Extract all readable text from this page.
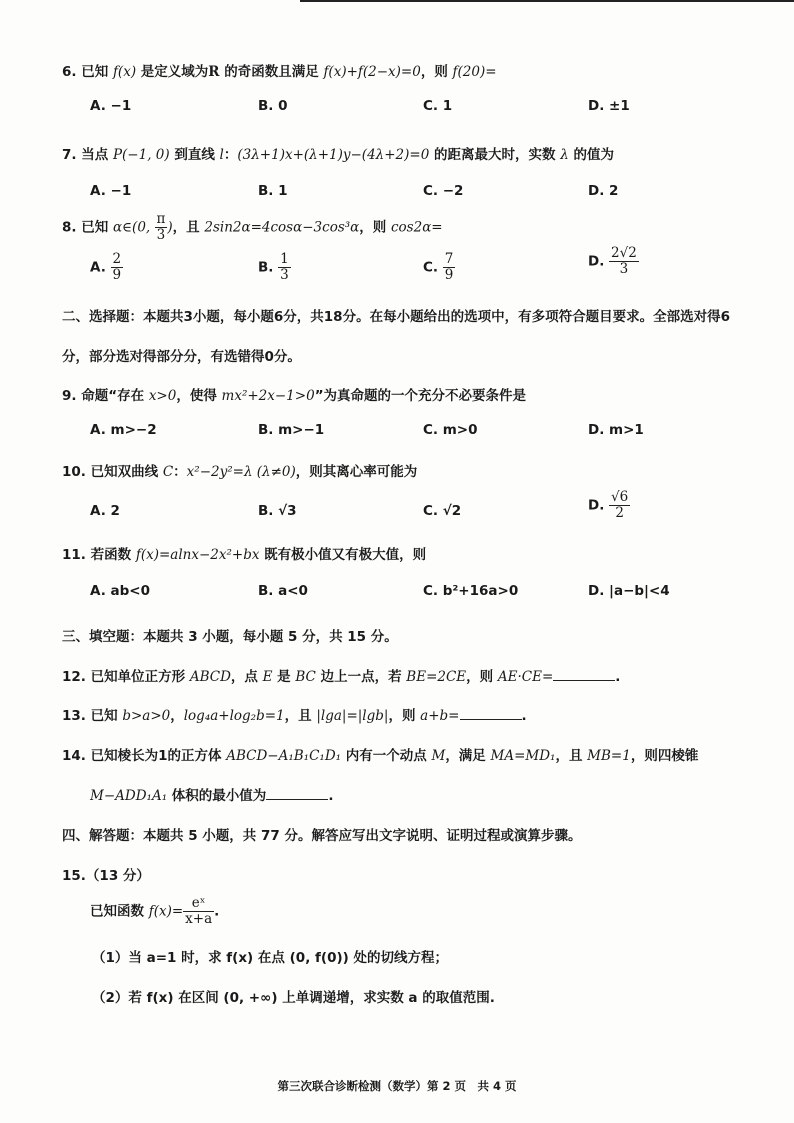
6. 已知 f(x) 是定义域为R 的奇函数且满足 f(x)+f(2−x)=0，则 f(20)=
A. −1	B. 0	C. 1	D. ±1
7. 当点 P(−1, 0) 到直线 l：(3λ+1)x+(λ+1)y−(4λ+2)=0 的距离最大时，实数 λ 的值为
A. −1	B. 1	C. −2	D. 2
8. 已知 α∈(0, $\frac{\pi}{3}$ )，且 2sin2α=4cosα−3cos³α，则 cos2α=
A. $\frac{2}{9}$	B. $\frac{1}{3}$	C. $\frac{7}{9}$	D. $\frac{2√2}{3}$
二、选择题：本题共3小题，每小题6分，共18分。在每小题给出的选项中，有多项符合题目要求。全部选对得6
分，部分选对得部分分，有选错得0分。
9. 命题“存在 x>0，使得 mx²+2x−1>0”为真命题的一个充分不必要条件是
A. m>−2	B. m>−1	C. m>0	D. m>1
10. 已知双曲线 C：x²−2y²=λ (λ≠0)，则其离心率可能为
A. 2	B. √3	C. √2	D. $\frac{√6}{2}$
11. 若函数 f(x)=alnx−2x²+bx 既有极小值又有极大值，则
A. ab<0	B. a<0	C. b²+16a>0	D. |a−b|<4
三、填空题：本题共 3 小题，每小题 5 分，共 15 分。
12. 已知单位正方形 ABCD，点 E 是 BC 边上一点，若 BE=2CE，则 AE·CE=	.
13. 已知 b>a>0，log₄a+log₂b=1，且 |lga|=|lgb|，则 a+b=	.
14. 已知棱长为1的正方体 ABCD−A₁B₁C₁D₁ 内有一个动点 M，满足 MA=MD₁，且 MB=1，则四棱锥
M−ADD₁A₁ 体积的最小值为	.
四、解答题：本题共 5 小题，共 77 分。解答应写出文字说明、证明过程或演算步骤。
15.（13 分）
已知函数 $f(x)= \frac{\text{eˣ}}{x+a}$ .
（1）当 a=1 时，求 f(x) 在点 (0, f(0)) 处的切线方程；
（2）若 f(x) 在区间 (0, +∞) 上单调递增，求实数 a 的取值范围.
第三次联合诊断检测（数学）第 2 页　共 4 页
